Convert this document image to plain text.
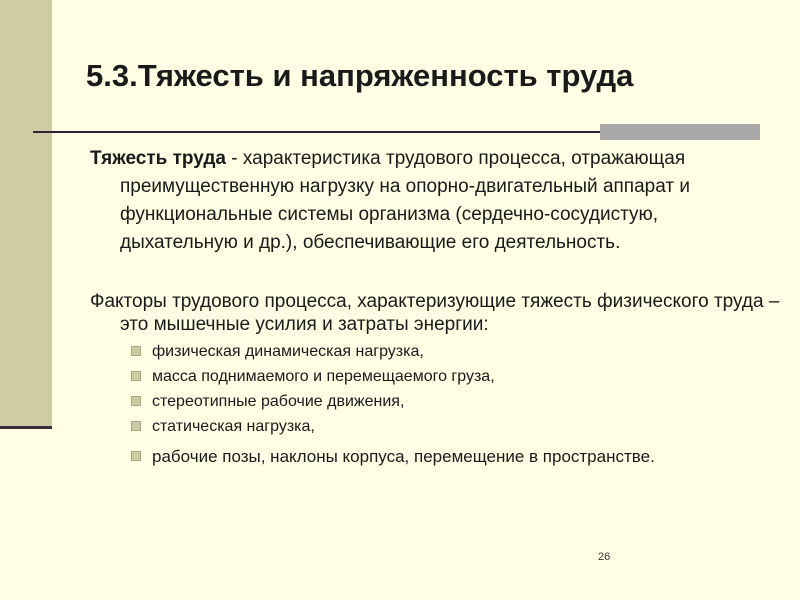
5.3.Тяжесть и напряженность труда
Тяжесть труда - характеристика трудового процесса, отражающая преимущественную нагрузку на опорно-двигательный аппарат и функциональные системы организма (сердечно-сосудистую, дыхательную и др.), обеспечивающие его деятельность.
Факторы трудового процесса, характеризующие тяжесть физического труда – это мышечные усилия и затраты энергии:
физическая динамическая нагрузка,
масса поднимаемого и перемещаемого груза,
стереотипные рабочие движения,
статическая нагрузка,
рабочие позы, наклоны корпуса, перемещение в пространстве.
26
